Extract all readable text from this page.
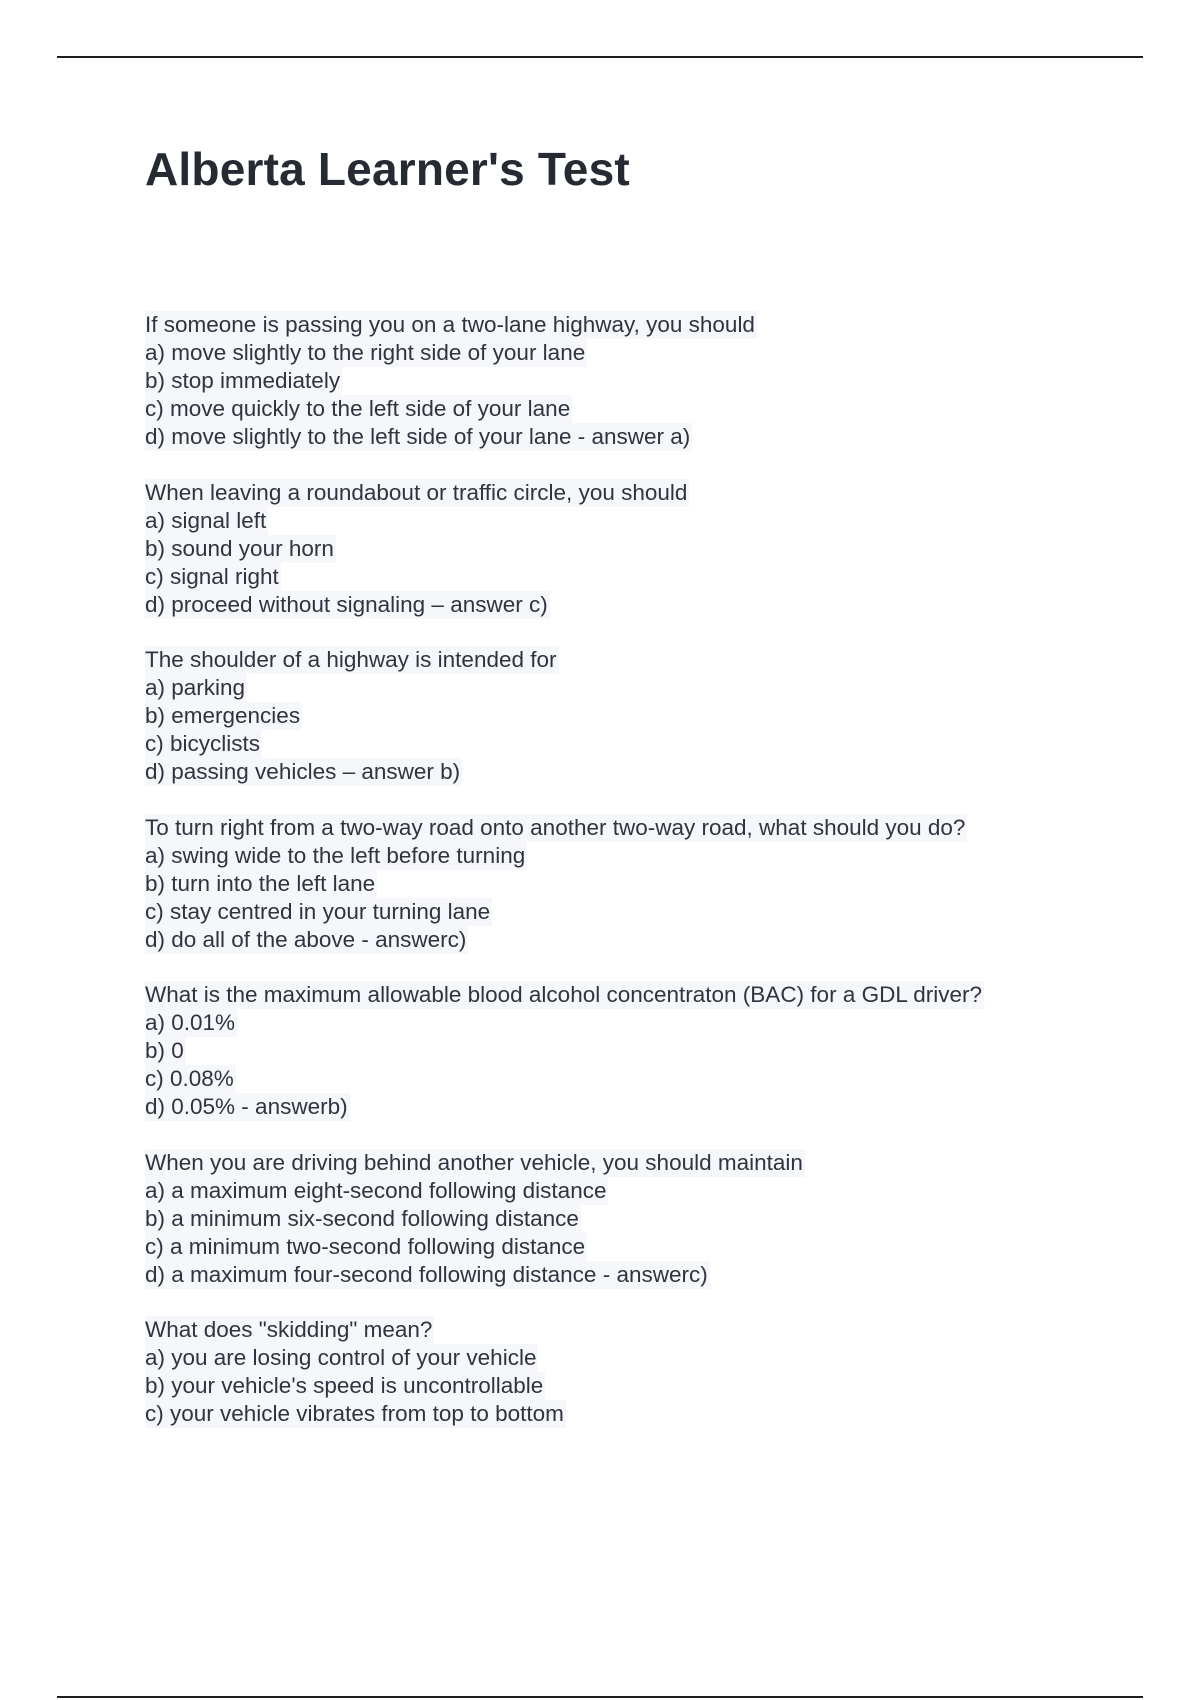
Alberta Learner's Test
If someone is passing you on a two-lane highway, you should
a) move slightly to the right side of your lane
b) stop immediately
c) move quickly to the left side of your lane
d) move slightly to the left side of your lane - answer a)
When leaving a roundabout or traffic circle, you should
a) signal left
b) sound your horn
c) signal right
d) proceed without signaling – answer c)
The shoulder of a highway is intended for
a) parking
b) emergencies
c) bicyclists
d) passing vehicles – answer b)
To turn right from a two-way road onto another two-way road, what should you do?
a) swing wide to the left before turning
b) turn into the left lane
c) stay centred in your turning lane
d) do all of the above - answerc)
What is the maximum allowable blood alcohol concentraton (BAC) for a GDL driver?
a) 0.01%
b) 0
c) 0.08%
d) 0.05% - answerb)
When you are driving behind another vehicle, you should maintain
a) a maximum eight-second following distance
b) a minimum six-second following distance
c) a minimum two-second following distance
d) a maximum four-second following distance - answerc)
What does "skidding" mean?
a) you are losing control of your vehicle
b) your vehicle's speed is uncontrollable
c) your vehicle vibrates from top to bottom
